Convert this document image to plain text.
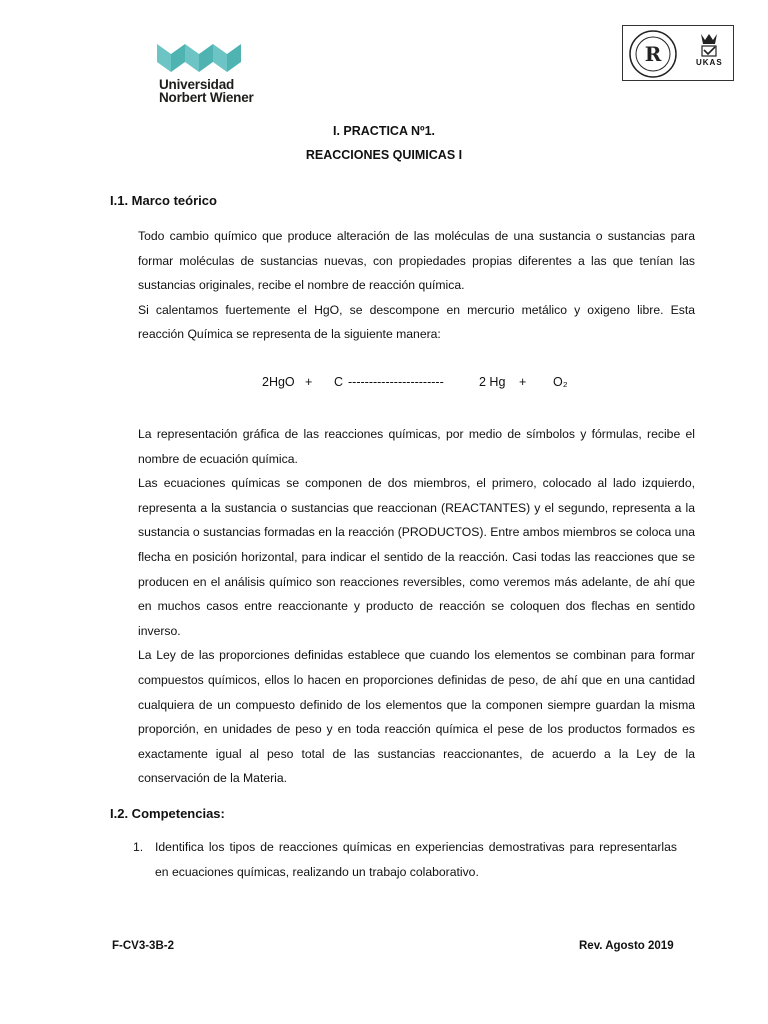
Universidad
Norbert Wiener
R	UKAS
I. PRACTICA Nº1.
REACCIONES QUIMICAS I
I.1. Marco teórico

Todo cambio químico que produce alteración de las moléculas de una sustancia o sustancias para formar moléculas de sustancias nuevas, con propiedades propias diferentes a las que tenían las sustancias originales, recibe el nombre de reacción química.

Si calentamos fuertemente el HgO, se descompone en mercurio metálico y oxigeno libre. Esta reacción Química se representa de la siguiente manera:

2HgO + C -----------------------	2 Hg + O₂

La representación gráfica de las reacciones químicas, por medio de símbolos y fórmulas, recibe el nombre de ecuación química.

Las ecuaciones químicas se componen de dos miembros, el primero, colocado al lado izquierdo, representa a la sustancia o sustancias que reaccionan (REACTANTES) y el segundo, representa a la sustancia o sustancias formadas en la reacción (PRODUCTOS). Entre ambos miembros se coloca una flecha en posición horizontal, para indicar el sentido de la reacción. Casi todas las reacciones que se producen en el análisis químico son reacciones reversibles, como veremos más adelante, de ahí que en muchos casos entre reaccionante y producto de reacción se coloquen dos flechas en sentido inverso.

La Ley de las proporciones definidas establece que cuando los elementos se combinan para formar compuestos químicos, ellos lo hacen en proporciones definidas de peso, de ahí que en una cantidad cualquiera de un compuesto definido de los elementos que la componen siempre guardan la misma proporción, en unidades de peso y en toda reacción química el pese de los productos formados es exactamente igual al peso total de las sustancias reaccionantes, de acuerdo a la Ley de la conservación de la Materia.

I.2. Competencias:
1. Identifica los tipos de reacciones químicas en experiencias demostrativas para representarlas en ecuaciones químicas, realizando un trabajo colaborativo.
F-CV3-3B-2	Rev. Agosto 2019
